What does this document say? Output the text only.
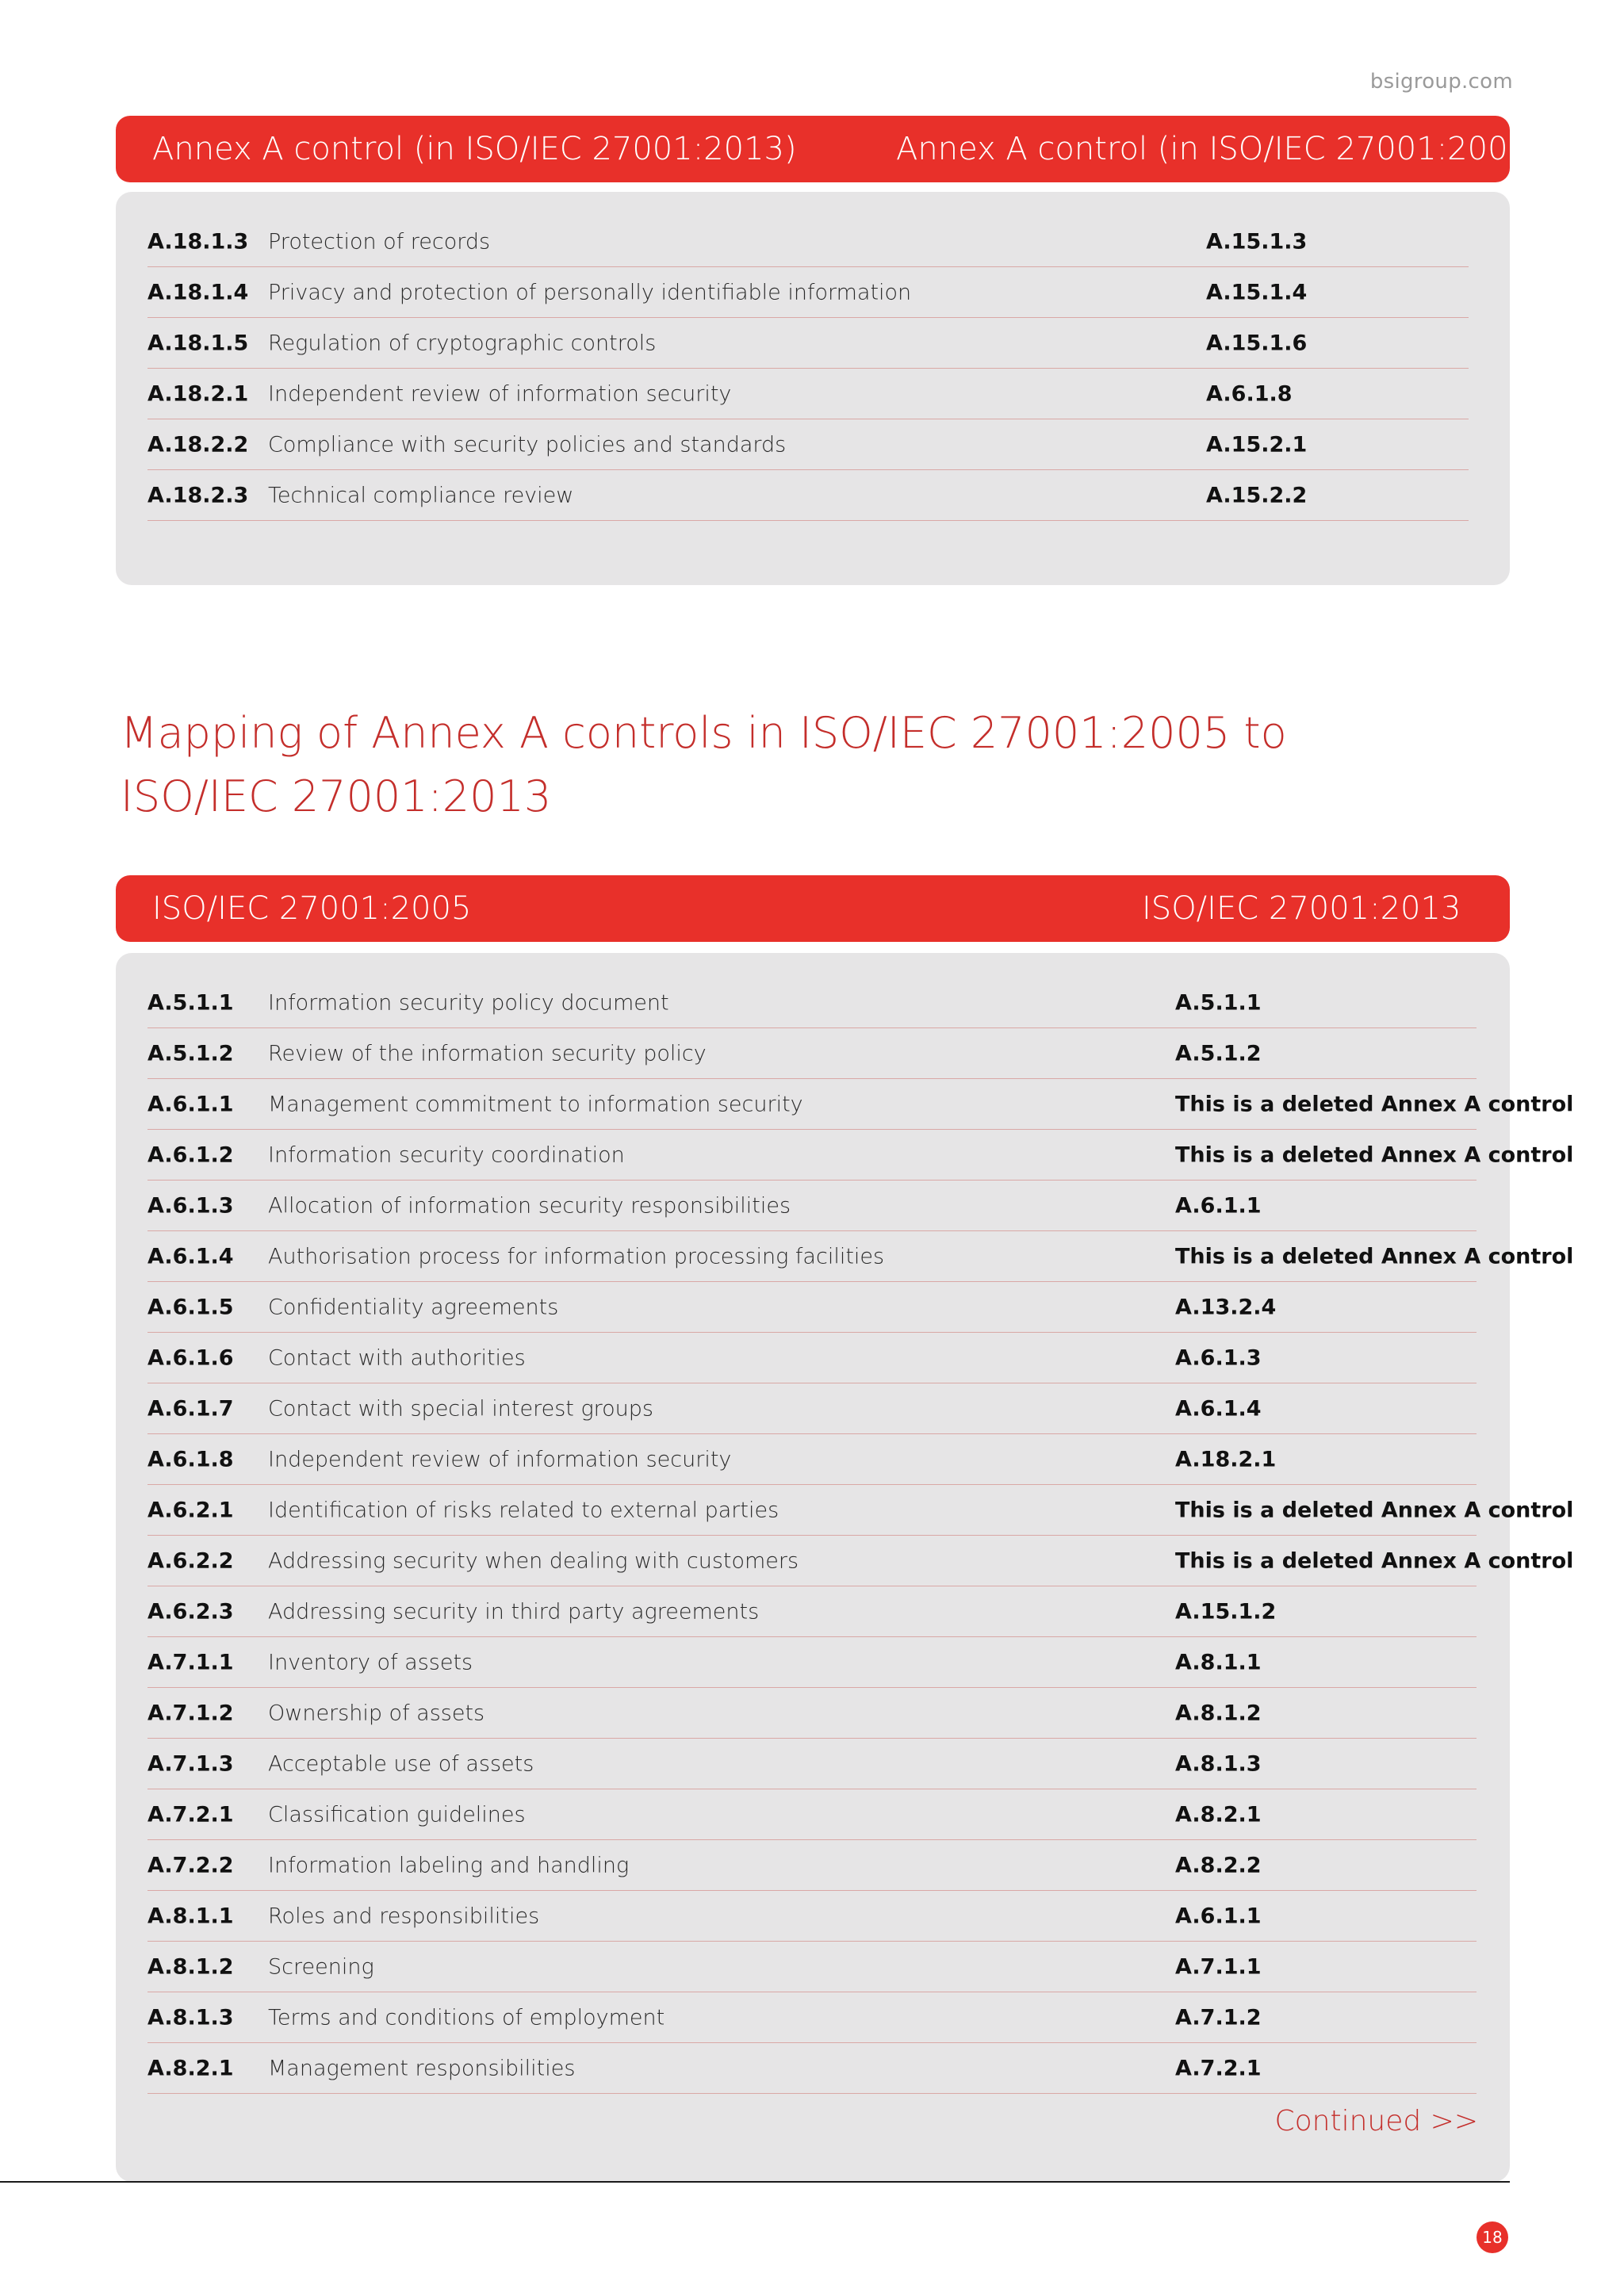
bsigroup.com
Annex A control (in ISO/IEC 27001:2013)	Annex A control (in ISO/IEC 27001:2005)
A.18.1.3 Protection of records	A.15.1.3
A.18.1.4 Privacy and protection of personally identifiable information	A.15.1.4
A.18.1.5 Regulation of cryptographic controls	A.15.1.6
A.18.2.1 Independent review of information security	A.6.1.8
A.18.2.2 Compliance with security policies and standards	A.15.2.1
A.18.2.3 Technical compliance review	A.15.2.2
Mapping of Annex A controls in ISO/IEC 27001:2005 to
ISO/IEC 27001:2013
ISO/IEC 27001:2005	ISO/IEC 27001:2013
A.5.1.1 Information security policy document	A.5.1.1
A.5.1.2 Review of the information security policy	A.5.1.2
A.6.1.1 Management commitment to information security	This is a deleted Annex A control
A.6.1.2 Information security coordination	This is a deleted Annex A control
A.6.1.3 Allocation of information security responsibilities	A.6.1.1
A.6.1.4 Authorisation process for information processing facilities	This is a deleted Annex A control
A.6.1.5 Confidentiality agreements	A.13.2.4
A.6.1.6 Contact with authorities	A.6.1.3
A.6.1.7 Contact with special interest groups	A.6.1.4
A.6.1.8 Independent review of information security	A.18.2.1
A.6.2.1 Identification of risks related to external parties	This is a deleted Annex A control
A.6.2.2 Addressing security when dealing with customers	This is a deleted Annex A control
A.6.2.3 Addressing security in third party agreements	A.15.1.2
A.7.1.1 Inventory of assets	A.8.1.1
A.7.1.2 Ownership of assets	A.8.1.2
A.7.1.3 Acceptable use of assets	A.8.1.3
A.7.2.1 Classification guidelines	A.8.2.1
A.7.2.2 Information labeling and handling	A.8.2.2
A.8.1.1 Roles and responsibilities	A.6.1.1
A.8.1.2 Screening	A.7.1.1
A.8.1.3 Terms and conditions of employment	A.7.1.2
A.8.2.1 Management responsibilities	A.7.2.1
Continued >>
18
